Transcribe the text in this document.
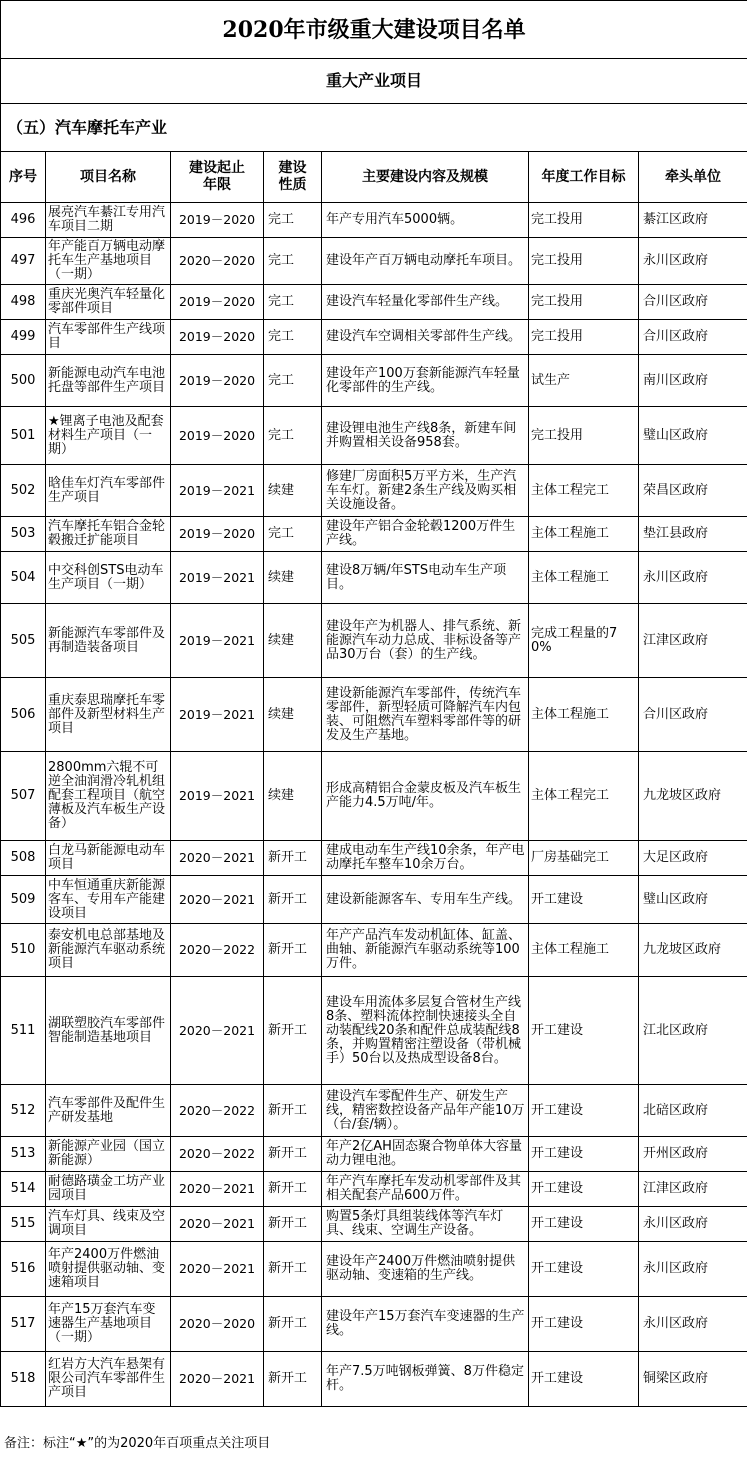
2020年市级重大建设项目名单						
重大产业项目						
（五）汽车摩托车产业						
序号	项目名称	建设起止年限	建设性质	主要建设内容及规模	年度工作目标	牵头单位

496	展亮汽车綦江专用汽车项目二期	2019－2020	完工	年产专用汽车5000辆。	完工投用	綦江区政府

497	年产能百万辆电动摩托车生产基地项目（一期）	2020－2020	完工	建设年产百万辆电动摩托车项目。	完工投用	永川区政府

498	重庆光奥汽车轻量化零部件项目	2019－2020	完工	建设汽车轻量化零部件生产线。	完工投用	合川区政府

499	汽车零部件生产线项目	2019－2020	完工	建设汽车空调相关零部件生产线。	完工投用	合川区政府

500	新能源电动汽车电池托盘等部件生产项目	2019－2020	完工	建设年产100万套新能源汽车轻量化零部件的生产线。	试生产	南川区政府

501	★锂离子电池及配套材料生产项目（一期）	2019－2020	完工	建设锂电池生产线8条，新建车间并购置相关设备958套。	完工投用	璧山区政府

502	晗佳车灯汽车零部件生产项目	2019－2021	续建	修建厂房面积5万平方米，生产汽车车灯。新建2条生产线及购买相关设施设备。	主体工程完工	荣昌区政府

503	汽车摩托车铝合金轮毂搬迁扩能项目	2019－2020	完工	建设年产铝合金轮毂1200万件生产线。	主体工程施工	垫江县政府

504	中交科创STS电动车生产项目（一期）	2019－2021	续建	建设8万辆/年STS电动车生产项目。	主体工程施工	永川区政府

505	新能源汽车零部件及再制造装备项目	2019－2021	续建	建设年产为机器人、排气系统、新能源汽车动力总成、非标设备等产品30万台（套）的生产线。	完成工程量的70%	江津区政府

506	重庆泰思瑞摩托车零部件及新型材料生产项目	2019－2021	续建	建设新能源汽车零部件，传统汽车零部件，新型轻质可降解汽车内包装、可阻燃汽车塑料零部件等的研发及生产基地。	主体工程施工	合川区政府

507	2800mm六辊不可逆全油润滑冷轧机组配套工程项目（航空薄板及汽车板生产设备）	2019－2021	续建	形成高精铝合金蒙皮板及汽车板生产能力4.5万吨/年。	主体工程完工	九龙坡区政府

508	白龙马新能源电动车项目	2020－2021	新开工	建成电动车生产线10余条，年产电动摩托车整车10余万台。	厂房基础完工	大足区政府

509	中车恒通重庆新能源客车、专用车产能建设项目	2020－2021	新开工	建设新能源客车、专用车生产线。	开工建设	璧山区政府

510	泰安机电总部基地及新能源汽车驱动系统项目	2020－2022	新开工	年产产品汽车发动机缸体、缸盖、曲轴、新能源汽车驱动系统等100万件。	主体工程施工	九龙坡区政府

511	湖联塑胶汽车零部件智能制造基地项目	2020－2021	新开工	建设车用流体多层复合管材生产线8条、塑料流体控制快速接头全自动装配线20条和配件总成装配线8条，并购置精密注塑设备（带机械手）50台以及热成型设备8台。	开工建设	江北区政府

512	汽车零部件及配件生产研发基地	2020－2022	新开工	建设汽车零配件生产、研发生产线，精密数控设备产品年产能10万（台/套/辆）。	开工建设	北碚区政府

513	新能源产业园（国立新能源）	2020－2022	新开工	年产2亿AH固态聚合物单体大容量动力锂电池。	开工建设	开州区政府

514	耐德路璜金工坊产业园项目	2020－2021	新开工	年产汽车摩托车发动机零部件及其相关配套产品600万件。	开工建设	江津区政府

515	汽车灯具、线束及空调项目	2020－2021	新开工	购置5条灯具组装线体等汽车灯具、线束、空调生产设备。	开工建设	永川区政府

516	年产2400万件燃油喷射提供驱动轴、变速箱项目	2020－2021	新开工	建设年产2400万件燃油喷射提供驱动轴、变速箱的生产线。	开工建设	永川区政府

517	年产15万套汽车变速器生产基地项目（一期）	2020－2020	新开工	建设年产15万套汽车变速器的生产线。	开工建设	永川区政府

518	红岩方大汽车悬架有限公司汽车零部件生产项目	2020－2021	新开工	年产7.5万吨钢板弹簧、8万件稳定杆。	开工建设	铜梁区政府
备注：标注“★”的为2020年百项重点关注项目
